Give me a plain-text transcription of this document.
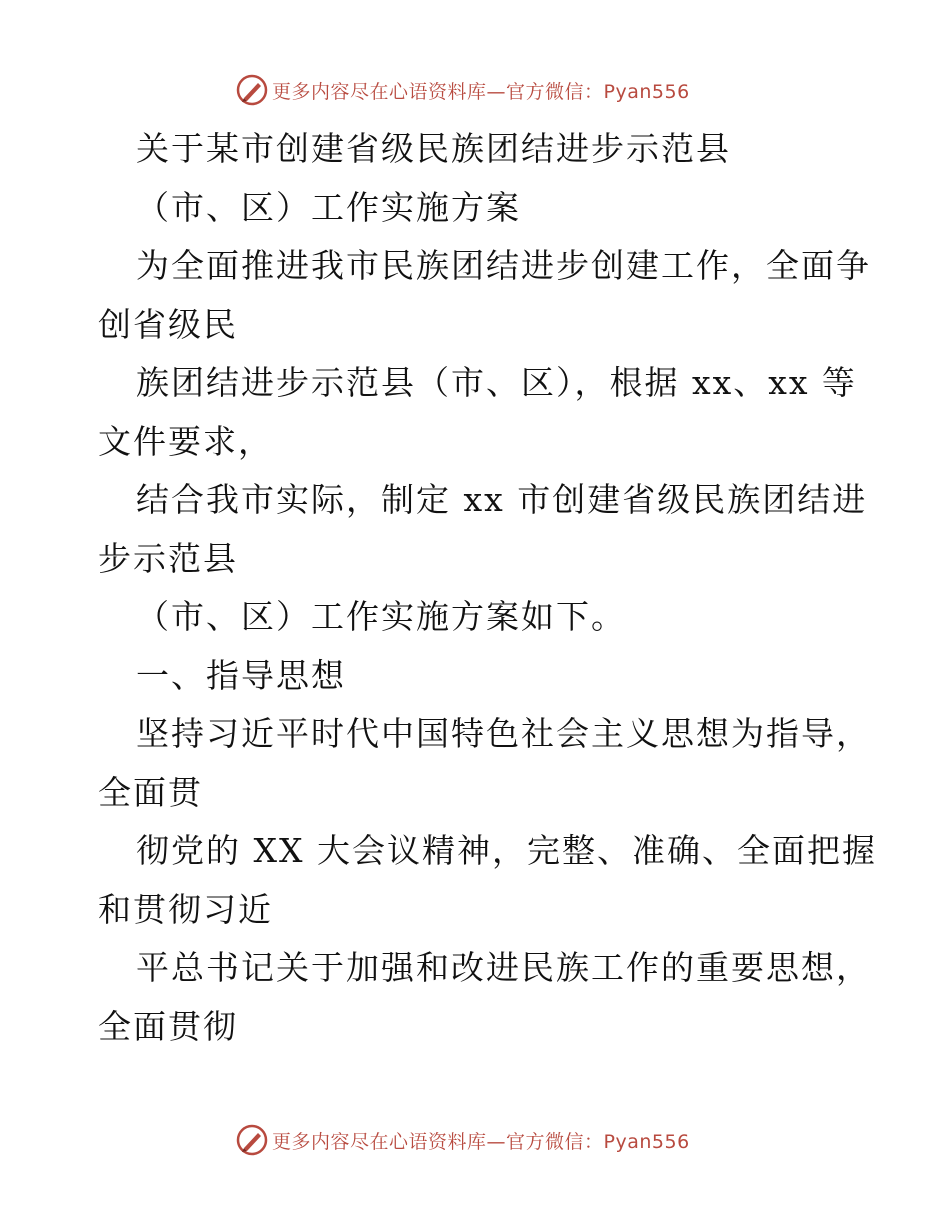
更多内容尽在心语资料库—官方微信：Pyan556
关于某市创建省级民族团结进步示范县
（市、区）工作实施方案
为全面推进我市民族团结进步创建工作，全面争
创省级民
族团结进步示范县（市、区），根据 xx、xx 等
文件要求，
结合我市实际，制定 xx 市创建省级民族团结进
步示范县
（市、区）工作实施方案如下。
一、指导思想
坚持习近平时代中国特色社会主义思想为指导，
全面贯
彻党的 XX 大会议精神，完整、准确、全面把握
和贯彻习近
平总书记关于加强和改进民族工作的重要思想，
全面贯彻
更多内容尽在心语资料库—官方微信：Pyan556
